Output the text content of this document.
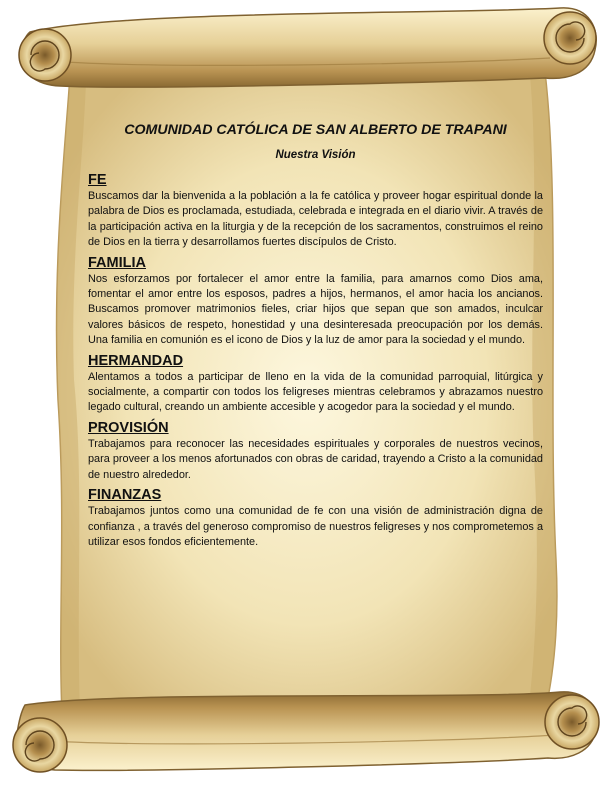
COMUNIDAD CATÓLICA DE SAN ALBERTO DE TRAPANI
Nuestra Visión
FE

Buscamos dar la bienvenida a la población a la fe católica y proveer hogar espiritual donde la palabra de Dios es proclamada, estudiada, celebrada e integrada en el diario vivir. A través de la participación activa en la liturgia y de la recepción de los sacramentos, construimos el reino de Dios en la tierra y desarrollamos fuertes discípulos de Cristo.

FAMILIA

Nos esforzamos por fortalecer el amor entre la familia, para amarnos como Dios ama, fomentar el amor entre los esposos, padres a hijos, hermanos, el amor hacia los ancianos. Buscamos promover matrimonios fieles, criar hijos que sepan que son amados, inculcar valores básicos de respeto, honestidad y una desinteresada preocupación por los demás. Una familia en comunión es el icono de Dios y la luz de amor para la sociedad y el mundo.

HERMANDAD

Alentamos a todos a participar de lleno en la vida de la comunidad parroquial, litúrgica y socialmente, a compartir con todos los feligreses mientras celebramos y abrazamos nuestro legado cultural, creando un ambiente accesible y acogedor para la sociedad y el mundo.

PROVISIÓN

Trabajamos para reconocer las necesidades espirituales y corporales de nuestros vecinos, para proveer a los menos afortunados con obras de caridad, trayendo a Cristo a la comunidad de nuestro alrededor.

FINANZAS

Trabajamos juntos como una comunidad de fe con una visión de administración digna de confianza , a través del generoso compromiso de nuestros feligreses y nos comprometemos a utilizar esos fondos eficientemente.
